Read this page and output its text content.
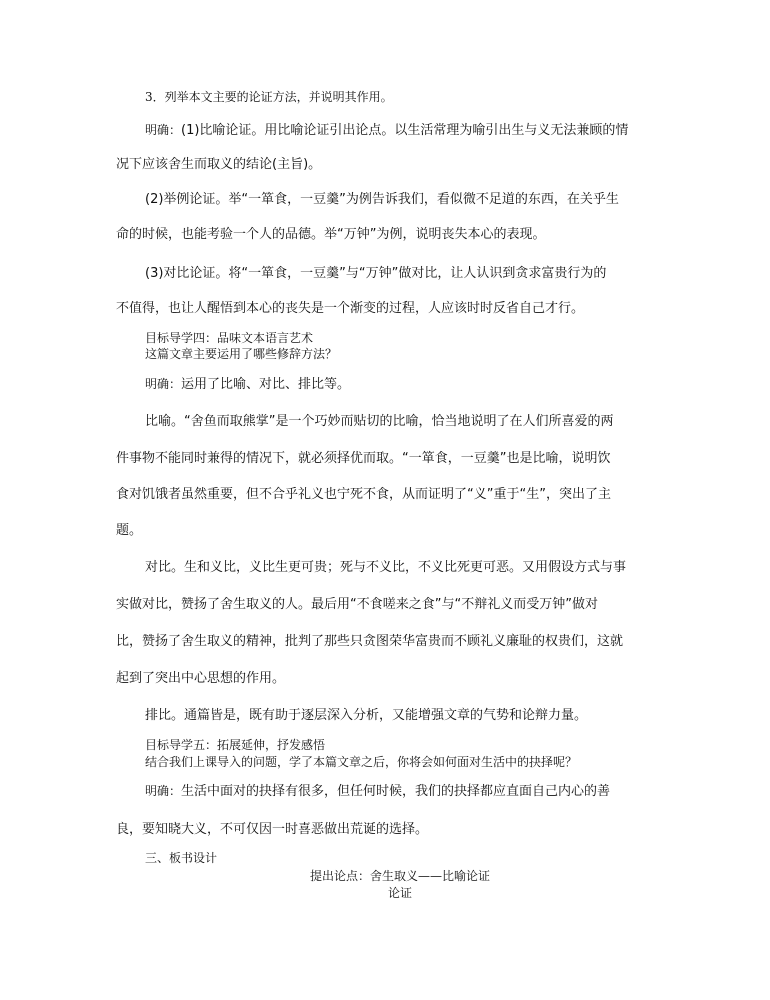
3．列举本文主要的论证方法，并说明其作用。
明确：(1)比喻论证。用比喻论证引出论点。以生活常理为喻引出生与义无法兼顾的情
况下应该舍生而取义的结论(主旨)。
(2)举例论证。举“一箪食，一豆羹”为例告诉我们，看似微不足道的东西，在关乎生
命的时候，也能考验一个人的品德。举“万钟”为例，说明丧失本心的表现。
(3)对比论证。将“一箪食，一豆羹”与“万钟”做对比，让人认识到贪求富贵行为的
不值得，也让人醒悟到本心的丧失是一个渐变的过程，人应该时时反省自己才行。
目标导学四：品味文本语言艺术
这篇文章主要运用了哪些修辞方法？
明确：运用了比喻、对比、排比等。
比喻。“舍鱼而取熊掌”是一个巧妙而贴切的比喻，恰当地说明了在人们所喜爱的两
件事物不能同时兼得的情况下，就必须择优而取。“一箪食，一豆羹”也是比喻，说明饮
食对饥饿者虽然重要，但不合乎礼义也宁死不食，从而证明了“义”重于“生”，突出了主
题。
对比。生和义比，义比生更可贵；死与不义比，不义比死更可恶。又用假设方式与事
实做对比，赞扬了舍生取义的人。最后用“不食嗟来之食”与“不辩礼义而受万钟”做对
比，赞扬了舍生取义的精神，批判了那些只贪图荣华富贵而不顾礼义廉耻的权贵们，这就
起到了突出中心思想的作用。
排比。通篇皆是，既有助于逐层深入分析，又能增强文章的气势和论辩力量。
目标导学五：拓展延伸，抒发感悟
结合我们上课导入的问题，学了本篇文章之后，你将会如何面对生活中的抉择呢？
明确：生活中面对的抉择有很多，但任何时候，我们的抉择都应直面自己内心的善
良，要知晓大义，不可仅因一时喜恶做出荒诞的选择。
三、板书设计
提出论点：舍生取义——比喻论证
论证
